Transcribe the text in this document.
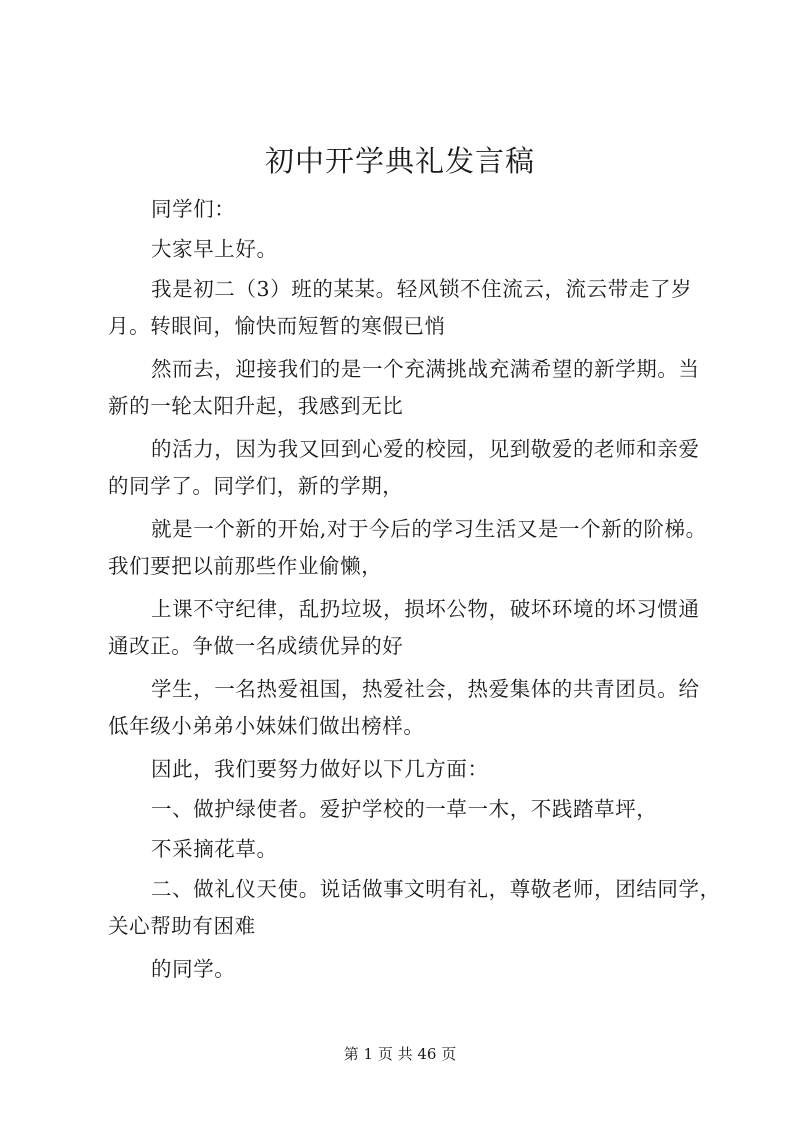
初中开学典礼发言稿

同学们：

大家早上好。

我是初二（3）班的某某。轻风锁不住流云，流云带走了岁

月。转眼间，愉快而短暂的寒假已悄

然而去，迎接我们的是一个充满挑战充满希望的新学期。当

新的一轮太阳升起，我感到无比

的活力，因为我又回到心爱的校园，见到敬爱的老师和亲爱

的同学了。同学们，新的学期，

就是一个新的开始,对于今后的学习生活又是一个新的阶梯。

我们要把以前那些作业偷懒，

上课不守纪律，乱扔垃圾，损坏公物，破坏环境的坏习惯通

通改正。争做一名成绩优异的好

学生，一名热爱祖国，热爱社会，热爱集体的共青团员。给

低年级小弟弟小妹妹们做出榜样。

因此，我们要努力做好以下几方面：

一、做护绿使者。爱护学校的一草一木，不践踏草坪，

不采摘花草。

二、做礼仪天使。说话做事文明有礼，尊敬老师，团结同学，

关心帮助有困难

的同学。

第 1 页 共 46 页
